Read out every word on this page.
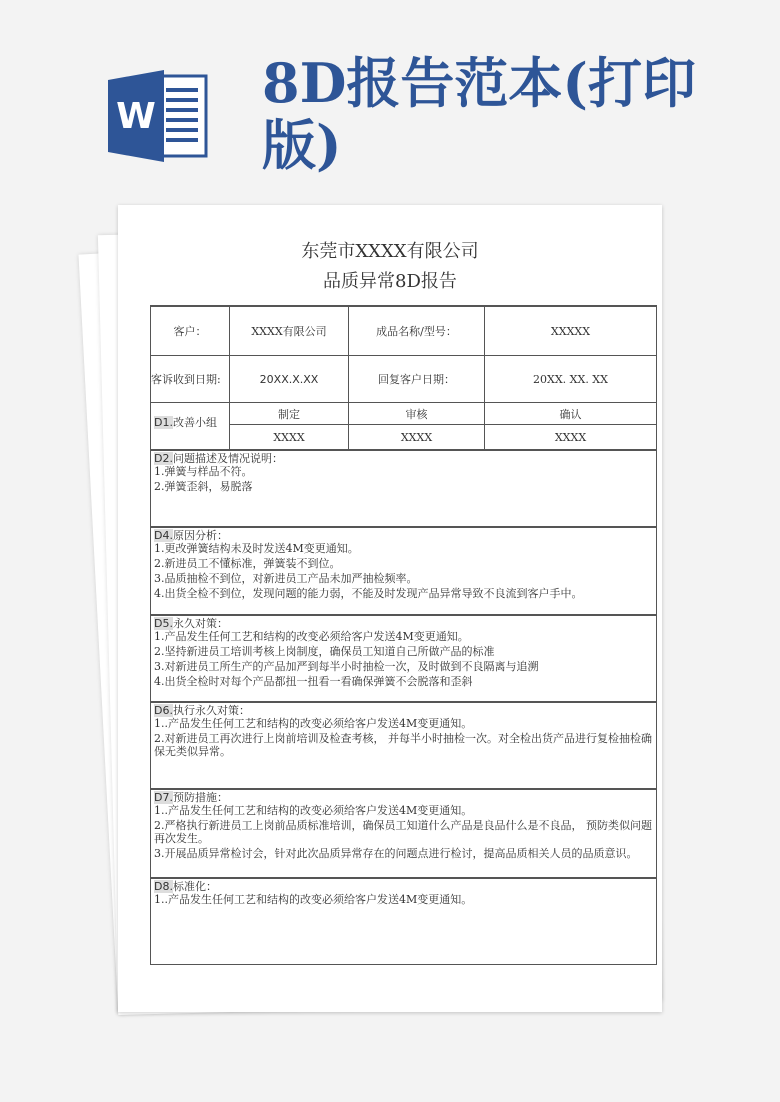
W
8D报告范本(打印版)
东莞市XXXX有限公司
品质异常8D报告
客户：	XXXX有限公司	成品名称/型号：	XXXXX
客诉收到日期:	20XX.X.XX	回复客户日期：	20XX. XX. XX
D1.改善小组
制定	审核	确认
XXXX	XXXX	XXXX
D2.问题描述及情况说明：
1.弹簧与样品不符。
2.弹簧歪斜，易脱落
D4.原因分析：
1.更改弹簧结构未及时发送4M变更通知。
2.新进员工不懂标准，弹簧装不到位。
3.品质抽检不到位，对新进员工产品未加严抽检频率。
4.出货全检不到位，发现问题的能力弱，不能及时发现产品异常导致不良流到客户手中。
D5.永久对策：
1.产品发生任何工艺和结构的改变必须给客户发送4M变更通知。
2.坚持新进员工培训考核上岗制度，确保员工知道自己所做产品的标准
3.对新进员工所生产的产品加严到每半小时抽检一次，及时做到不良隔离与追溯
4.出货全检时对每个产品都扭一扭看一看确保弹簧不会脱落和歪斜
D6.执行永久对策：
1..产品发生任何工艺和结构的改变必须给客户发送4M变更通知。
2.对新进员工再次进行上岗前培训及检查考核， 并每半小时抽检一次。对全检出货产品进行复检抽检确保无类似异常。
D7.预防措施：
1..产品发生任何工艺和结构的改变必须给客户发送4M变更通知。
2.严格执行新进员工上岗前品质标准培训，确保员工知道什么产品是良品什么是不良品， 预防类似问题再次发生。
3.开展品质异常检讨会，针对此次品质异常存在的问题点进行检讨，提高品质相关人员的品质意识。
D8.标准化：
1..产品发生任何工艺和结构的改变必须给客户发送4M变更通知。
